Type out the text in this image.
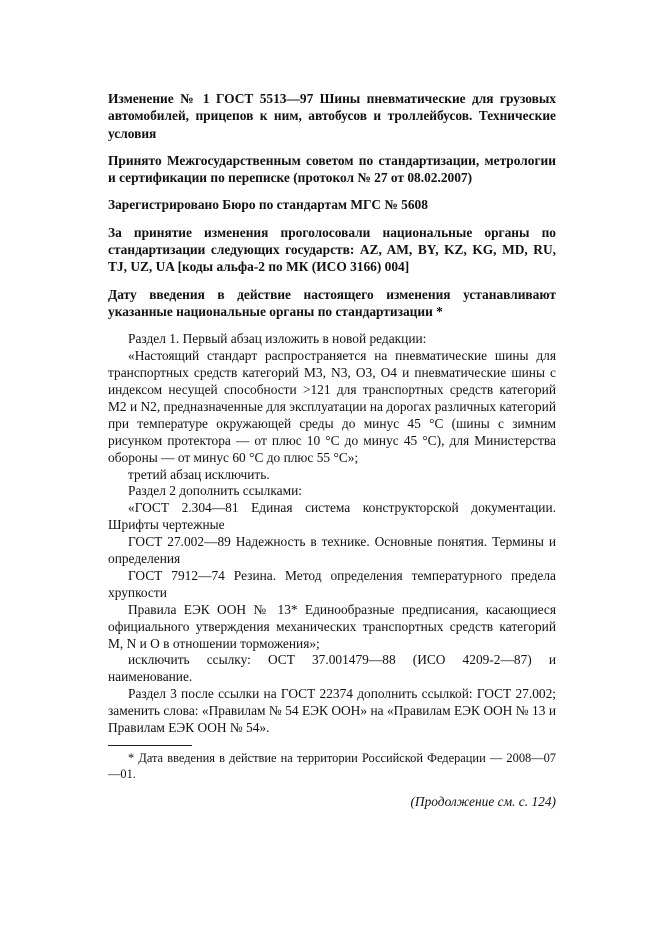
Изменение № 1 ГОСТ 5513—97 Шины пневматические для грузовых автомобилей, прицепов к ним, автобусов и троллейбусов. Технические условия

Принято Межгосударственным советом по стандартизации, метрологии и сертификации по переписке (протокол № 27 от 08.02.2007)

Зарегистрировано Бюро по стандартам МГС № 5608

За принятие изменения проголосовали национальные органы по стандартизации следующих государств: AZ, AM, BY, KZ, KG, MD, RU, TJ, UZ, UA [коды альфа-2 по МК (ИСО 3166) 004]

Дату введения в действие настоящего изменения устанавливают указанные национальные органы по стандартизации *

Раздел 1. Первый абзац изложить в новой редакции:

«Настоящий стандарт распространяется на пневматические шины для транспортных средств категорий М3, N3, О3, О4 и пневматические шины с индексом несущей способности >121 для транспортных средств категорий М2 и N2, предназначенные для эксплуатации на дорогах различных категорий при температуре окружающей среды до минус 45 °С (шины с зимним рисунком протектора — от плюс 10 °С до минус 45 °С), для Министерства обороны — от минус 60 °С до плюс 55 °С»;

третий абзац исключить.

Раздел 2 дополнить ссылками:

«ГОСТ 2.304—81 Единая система конструкторской документации. Шрифты чертежные

ГОСТ 27.002—89 Надежность в технике. Основные понятия. Термины и определения

ГОСТ 7912—74 Резина. Метод определения температурного предела хрупкости

Правила ЕЭК ООН № 13* Единообразные предписания, касающиеся официального утверждения механических транспортных средств категорий М, N и О в отношении торможения»;

исключить ссылку: ОСТ 37.001479—88 (ИСО 4209-2—87) и наименование.

Раздел 3 после ссылки на ГОСТ 22374 дополнить ссылкой: ГОСТ 27.002; заменить слова: «Правилам № 54 ЕЭК ООН» на «Правилам ЕЭК ООН № 13 и Правилам ЕЭК ООН № 54».

* Дата введения в действие на территории Российской Федерации — 2008—07—01.

(Продолжение см. с. 124)
